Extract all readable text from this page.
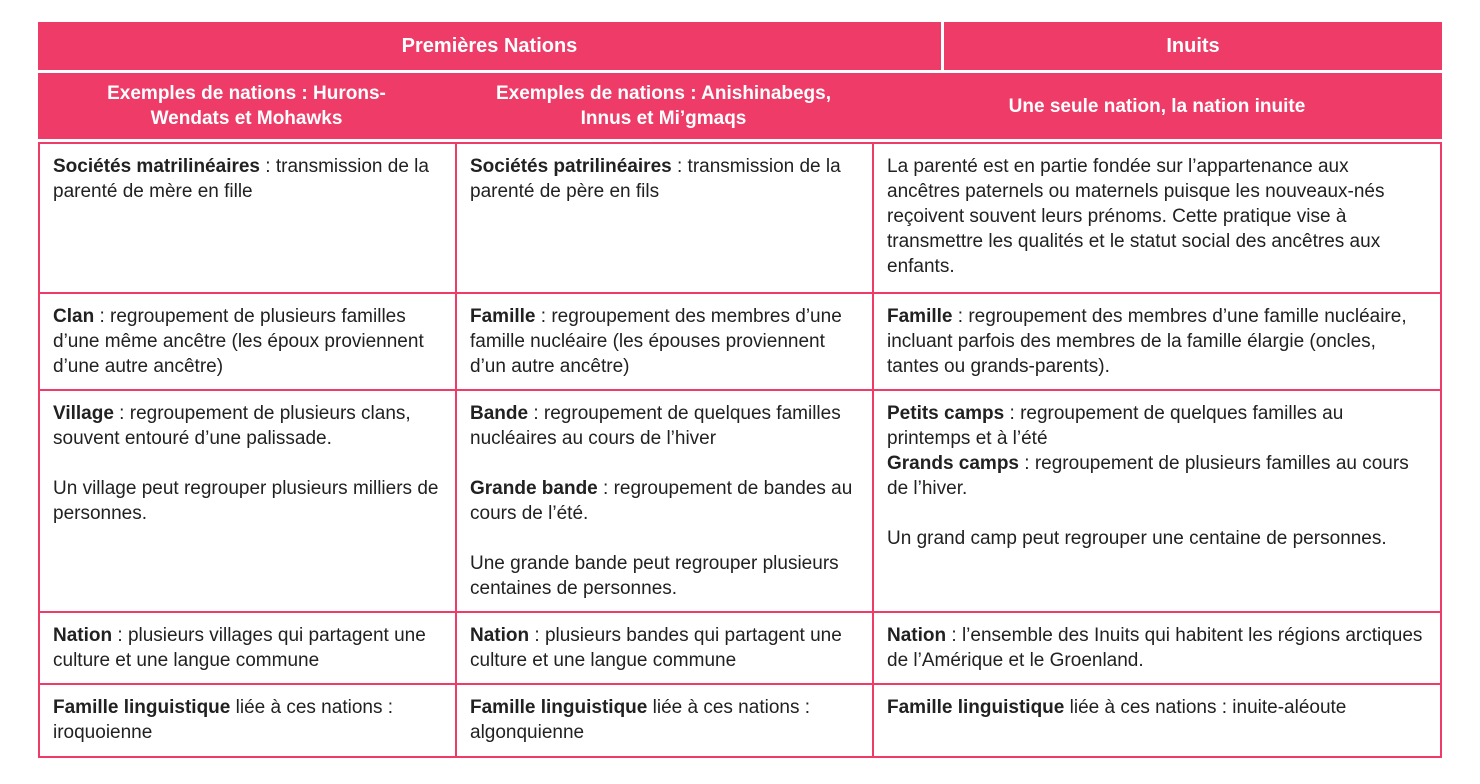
Premières Nations	Inuits
Exemples de nations : Hurons-Wendats et Mohawks
Exemples de nations : Anishinabegs, Innus et Mi’gmaqs
Une seule nation, la nation inuite
Sociétés matrilinéaires : transmission de la parenté de mère en fille
Sociétés patrilinéaires : transmission de la parenté de père en fils
La parenté est en partie fondée sur l’appartenance aux ancêtres paternels ou maternels puisque les nouveaux-nés reçoivent souvent leurs prénoms. Cette pratique vise à transmettre les qualités et le statut social des ancêtres aux enfants.
Clan : regroupement de plusieurs familles d’une même ancêtre (les époux proviennent d’une autre ancêtre)
Famille : regroupement des membres d’une famille nucléaire (les épouses proviennent d’un autre ancêtre)
Famille : regroupement des membres d’une famille nucléaire, incluant parfois des membres de la famille élargie (oncles, tantes ou grands-parents).
Village : regroupement de plusieurs clans, souvent entouré d’une palissade.
Un village peut regrouper plusieurs milliers de personnes.
Bande : regroupement de quelques familles nucléaires au cours de l’hiver
Grande bande : regroupement de bandes au cours de l’été.
Une grande bande peut regrouper plusieurs centaines de personnes.
Petits camps : regroupement de quelques familles au printemps et à l’été
Grands camps : regroupement de plusieurs familles au cours de l’hiver.
Un grand camp peut regrouper une centaine de personnes.
Nation : plusieurs villages qui partagent une culture et une langue commune
Nation : plusieurs bandes qui partagent une culture et une langue commune
Nation : l’ensemble des Inuits qui habitent les régions arctiques de l’Amérique et le Groenland.
Famille linguistique liée à ces nations : iroquoienne
Famille linguistique liée à ces nations : algonquienne
Famille linguistique liée à ces nations : inuite-aléoute
